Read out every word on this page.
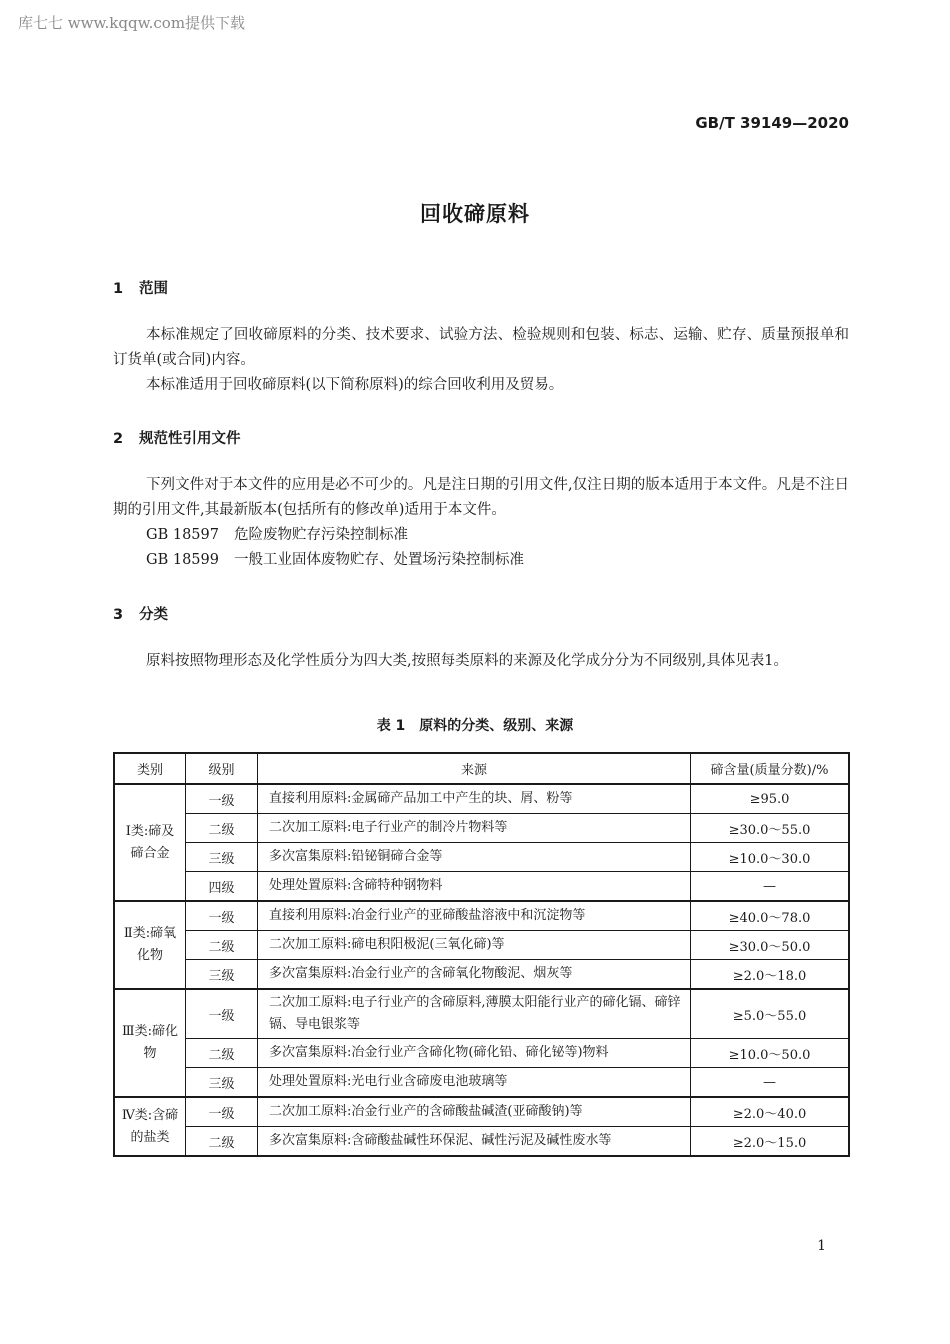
库七七 www.kqqw.com提供下载
GB/T 39149—2020
回收碲原料
1 范围
本标准规定了回收碲原料的分类、技术要求、试验方法、检验规则和包装、标志、运输、贮存、质量预报单和订货单(或合同)内容。
本标准适用于回收碲原料(以下简称原料)的综合回收利用及贸易。
2 规范性引用文件
下列文件对于本文件的应用是必不可少的。凡是注日期的引用文件,仅注日期的版本适用于本文件。凡是不注日期的引用文件,其最新版本(包括所有的修改单)适用于本文件。
GB 18597 危险废物贮存污染控制标准
GB 18599 一般工业固体废物贮存、处置场污染控制标准
3 分类
原料按照物理形态及化学性质分为四大类,按照每类原料的来源及化学成分分为不同级别,具体见表1。
表 1　原料的分类、级别、来源
类别	级别	来源	碲含量(质量分数)/%
Ⅰ类:碲及碲合金	一级	直接利用原料:金属碲产品加工中产生的块、屑、粉等	≥95.0
	二级	二次加工原料:电子行业产的制冷片物料等	≥30.0～55.0
	三级	多次富集原料:铅铋铜碲合金等	≥10.0～30.0
	四级	处理处置原料:含碲特种钢物料	—
Ⅱ类:碲氧化物	一级	直接利用原料:冶金行业产的亚碲酸盐溶液中和沉淀物等	≥40.0～78.0
	二级	二次加工原料:碲电积阳极泥(三氧化碲)等	≥30.0～50.0
	三级	多次富集原料:冶金行业产的含碲氧化物酸泥、烟灰等	≥2.0～18.0
Ⅲ类:碲化物	一级	二次加工原料:电子行业产的含碲原料,薄膜太阳能行业产的碲化镉、碲锌镉、导电银浆等	≥5.0～55.0
	二级	多次富集原料:冶金行业产含碲化物(碲化铅、碲化铋等)物料	≥10.0～50.0
	三级	处理处置原料:光电行业含碲废电池玻璃等	—
Ⅳ类:含碲的盐类	一级	二次加工原料:冶金行业产的含碲酸盐碱渣(亚碲酸钠)等	≥2.0～40.0
	二级	多次富集原料:含碲酸盐碱性环保泥、碱性污泥及碱性废水等	≥2.0～15.0
1
